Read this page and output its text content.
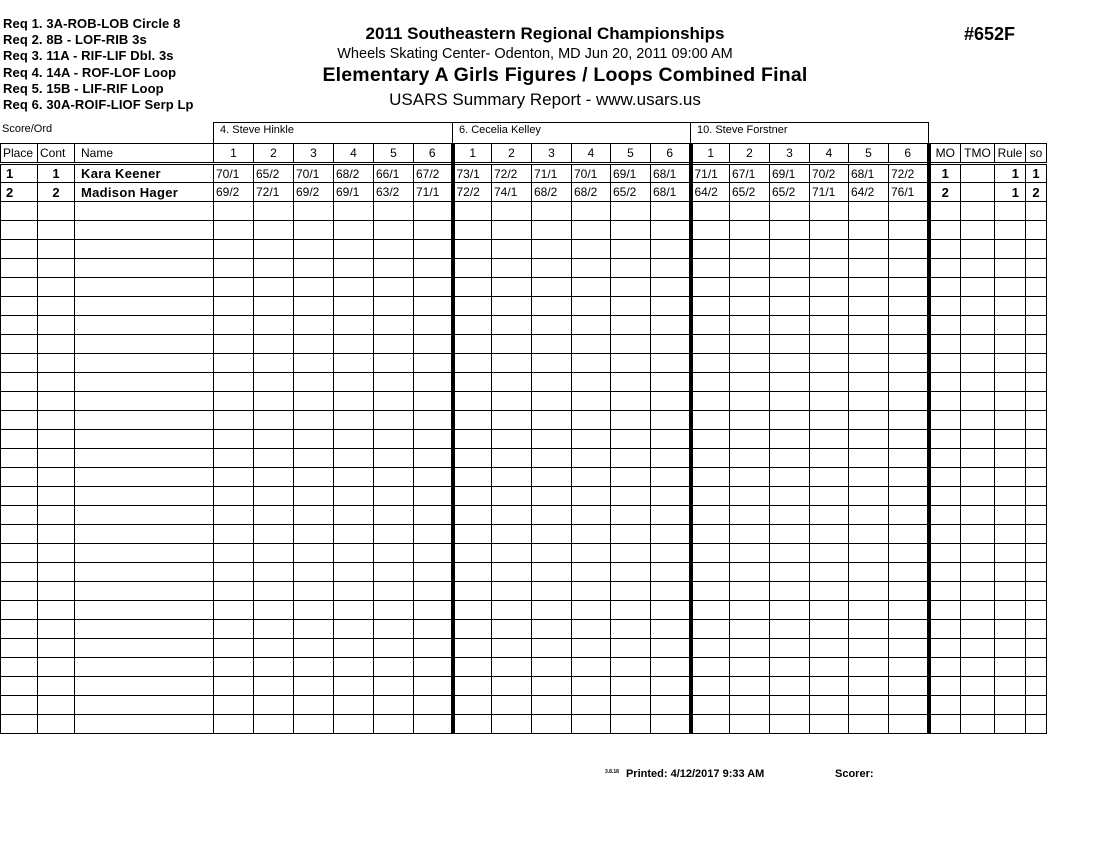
Req 1. 3A-ROB-LOB Circle 8
Req 2. 8B - LOF-RIB 3s
Req 3. 11A - RIF-LIF Dbl. 3s
Req 4. 14A - ROF-LOF Loop
Req 5. 15B - LIF-RIF Loop
Req 6. 30A-ROIF-LIOF Serp Lp
2011 Southeastern Regional Championships
Wheels Skating Center- Odenton, MD Jun 20, 2011 09:00 AM
Elementary A Girls Figures / Loops Combined Final
USARS Summary Report - www.usars.us
#652F
Score/Ord	4. Steve Hinkle	6. Cecelia Kelley	10. Steve Forstner
Place	Cont	Name	1	2	3	4	5	6	1	2	3	4	5	6	1	2	3	4	5	6	MO	TMO	Rule	so
1	1	Kara Keener	70/1	65/2	70/1	68/2	66/1	67/2	73/1	72/2	71/1	70/1	69/1	68/1	71/1	67/1	69/1	70/2	68/1	72/2	1		1	1
2	2	Madison Hager	69/2	72/1	69/2	69/1	63/2	71/1	72/2	74/1	68/2	68/2	65/2	68/1	64/2	65/2	65/2	71/1	64/2	76/1	2		1	2

$^{3.8.18}$ Printed: 4/12/2017 9:33 AM	Scorer:
